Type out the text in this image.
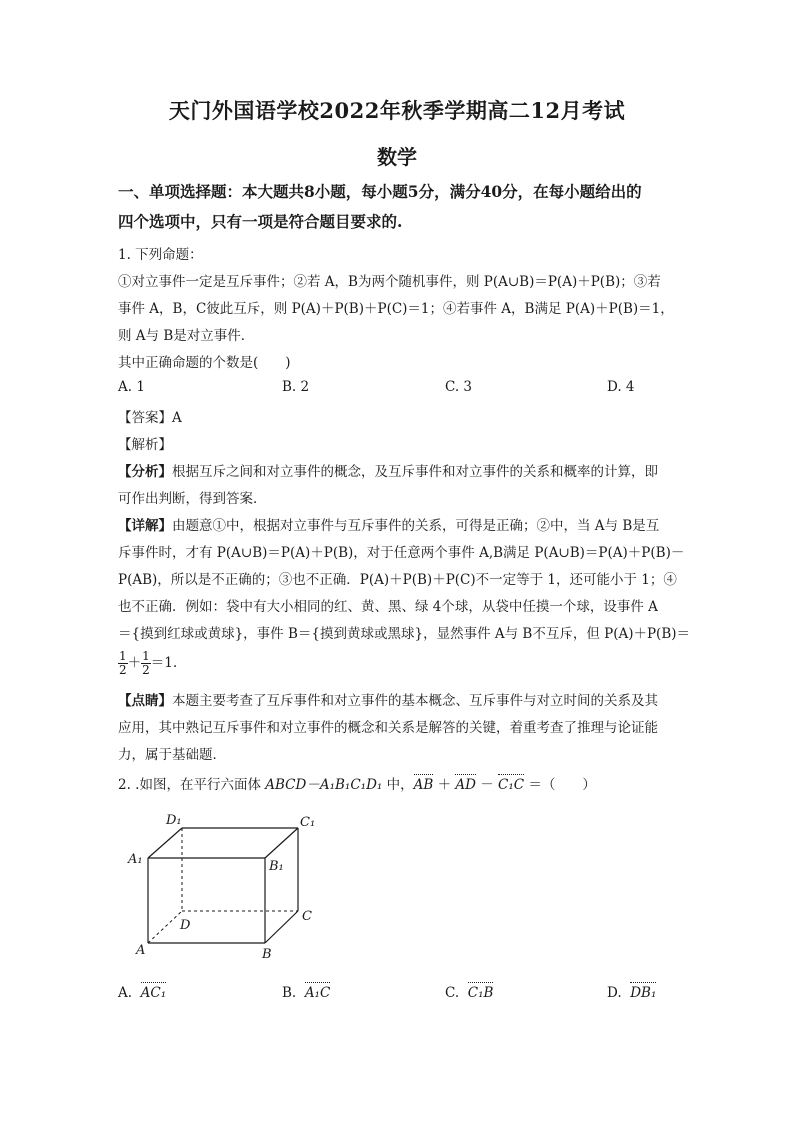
天门外国语学校2022年秋季学期高二12月考试
数学
一、单项选择题：本大题共8小题，每小题5分，满分40分，在每小题给出的
四个选项中，只有一项是符合题目要求的.
1. 下列命题：
①对立事件一定是互斥事件；②若 A，B为两个随机事件，则 P(A∪B)＝P(A)＋P(B)；③若
事件 A，B，C彼此互斥，则 P(A)＋P(B)＋P(C)＝1；④若事件 A，B满足 P(A)＋P(B)＝1，
则 A与 B是对立事件．
其中正确命题的个数是(　　)
A. 1	B. 2	C. 3	D. 4
【答案】A
【解析】
【分析】根据互斥之间和对立事件的概念，及互斥事件和对立事件的关系和概率的计算，即
可作出判断，得到答案．
【详解】由题意①中，根据对立事件与互斥事件的关系，可得是正确；②中，当 A与 B是互
斥事件时，才有 P(A∪B)＝P(A)＋P(B)，对于任意两个事件 A,B满足 P(A∪B)＝P(A)＋P(B)－
P(AB)，所以是不正确的；③也不正确．P(A)＋P(B)＋P(C)不一定等于 1，还可能小于 1；④
也不正确．例如：袋中有大小相同的红、黄、黑、绿 4个球，从袋中任摸一个球，设事件 A
＝{摸到红球或黄球}，事件 B＝{摸到黄球或黑球}，显然事件 A与 B不互斥，但 P(A)＋P(B)＝
$\frac{1}{2} + \frac{1}{2} =1$.
【点睛】本题主要考查了互斥事件和对立事件的基本概念、互斥事件与对立时间的关系及其
应用，其中熟记互斥事件和对立事件的概念和关系是解答的关键，着重考查了推理与论证能
力，属于基础题．
2. .如图，在平行六面体 ABCD－A₁B₁C₁D₁ 中，AB ＋ AD － C₁C ＝（　　）
D₁	C₁
A₁	B₁
C
D
A	B
A. AC₁	B. A₁C	C. C₁B	D. DB₁
